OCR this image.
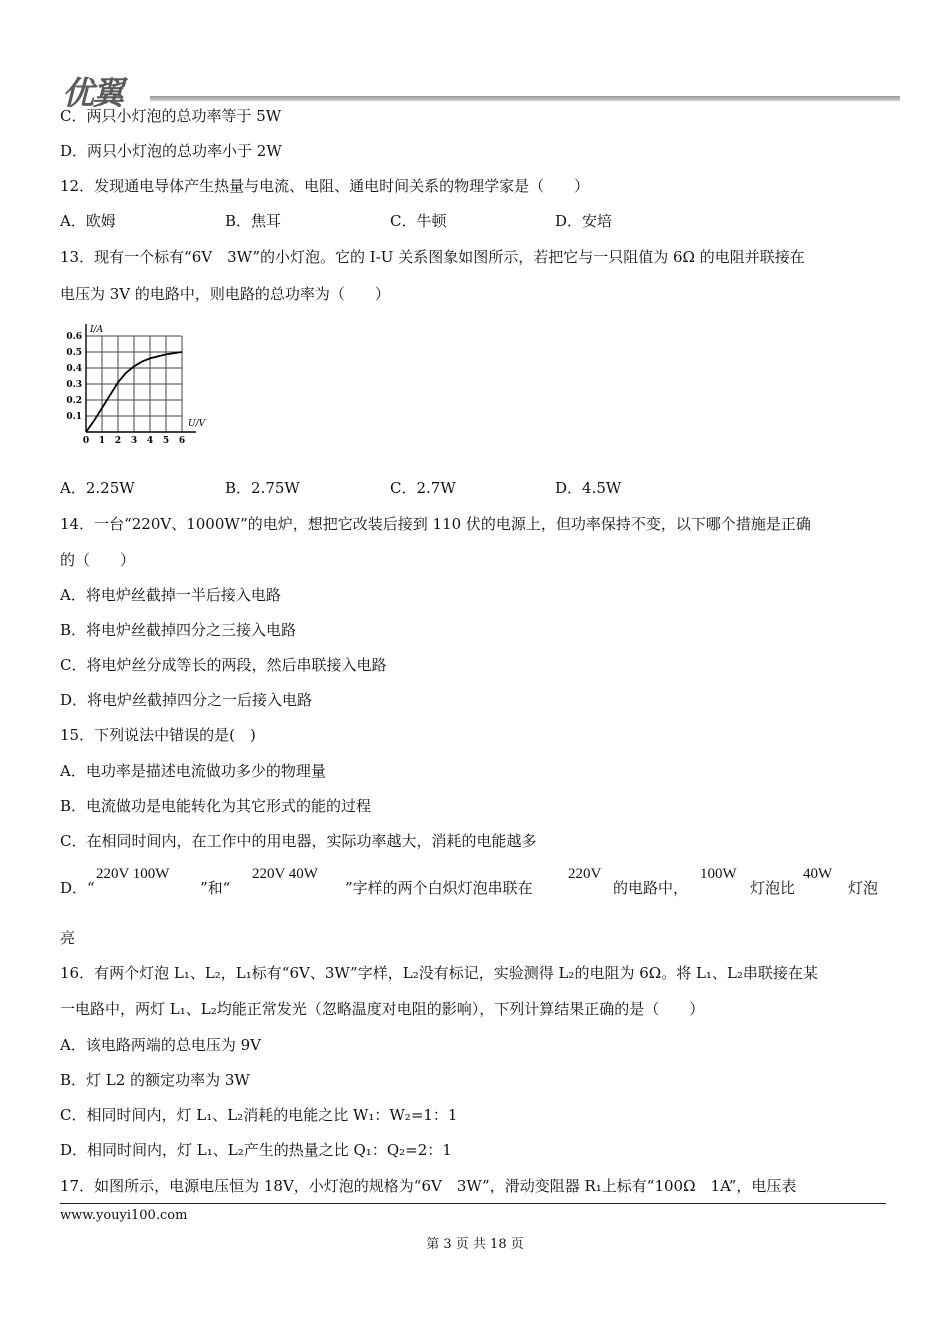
优翼
C．两只小灯泡的总功率等于 5W
D．两只小灯泡的总功率小于 2W
12．发现通电导体产生热量与电流、电阻、通电时间关系的物理学家是（　　）
A．欧姆	B．焦耳	C．牛顿	D．安培
13．现有一个标有“6V　3W”的小灯泡。它的 I-U 关系图象如图所示，若把它与一只阻值为 6Ω 的电阻并联接在
电压为 3V 的电路中，则电路的总功率为（　　）
0 1 2 3 4 5 6
0.1
0.2
0.3
0.4
0.5
0.6
U/V
I/A
A．2.25W	B．2.75W	C．2.7W	D．4.5W
14．一台“220V、1000W”的电炉，想把它改装后接到 110 伏的电源上，但功率保持不变，以下哪个措施是正确
的（　　）
A．将电炉丝截掉一半后接入电路
B．将电炉丝截掉四分之三接入电路
C．将电炉丝分成等长的两段，然后串联接入电路
D．将电炉丝截掉四分之一后接入电路
15．下列说法中错误的是(　)
A．电功率是描述电流做功多少的物理量
B．电流做功是电能转化为其它形式的能的过程
C．在相同时间内，在工作中的用电器，实际功率越大，消耗的电能越多
D．“
220V 100W
”和“
220V 40W
”字样的两个白炽灯泡串联在
220V
的电路中，
100W
灯泡比
40W
灯泡
亮
16．有两个灯泡 L₁、L₂，L₁标有“6V、3W”字样，L₂没有标记，实验测得 L₂的电阻为 6Ω。将 L₁、L₂串联接在某
一电路中，两灯 L₁、L₂均能正常发光（忽略温度对电阻的影响），下列计算结果正确的是（　　）
A．该电路两端的总电压为 9V
B．灯 L2 的额定功率为 3W
C．相同时间内，灯 L₁、L₂消耗的电能之比 W₁：W₂=1：1
D．相同时间内，灯 L₁、L₂产生的热量之比 Q₁：Q₂=2：1
17．如图所示，电源电压恒为 18V，小灯泡的规格为“6V　3W”，滑动变阻器 R₁上标有“100Ω　1A”，电压表
www.youyi100.com
第 3 页 共 18 页
